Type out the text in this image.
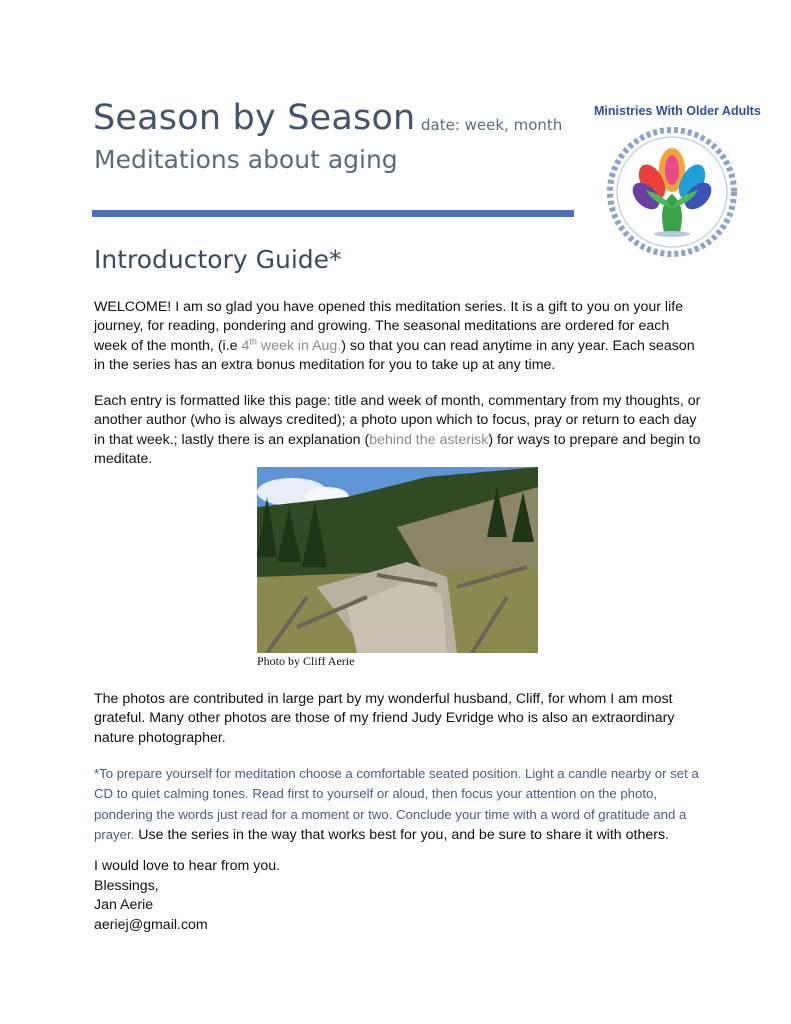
Season by Season date: week, month
Meditations about aging
Ministries With Older Adults
Introductory Guide*
WELCOME! I am so glad you have opened this meditation series. It is a gift to you on your life journey, for reading, pondering and growing. The seasonal meditations are ordered for each week of the month, (i.e 4th week in Aug.) so that you can read anytime in any year. Each season in the series has an extra bonus meditation for you to take up at any time.
Each entry is formatted like this page: title and week of month, commentary from my thoughts, or another author (who is always credited); a photo upon which to focus, pray or return to each day in that week.; lastly there is an explanation (behind the asterisk) for ways to prepare and begin to meditate.
Photo by Cliff Aerie
The photos are contributed in large part by my wonderful husband, Cliff, for whom I am most grateful. Many other photos are those of my friend Judy Evridge who is also an extraordinary nature photographer.
*To prepare yourself for meditation choose a comfortable seated position. Light a candle nearby or set a CD to quiet calming tones. Read first to yourself or aloud, then focus your attention on the photo, pondering the words just read for a moment or two. Conclude your time with a word of gratitude and a prayer. Use the series in the way that works best for you, and be sure to share it with others.
I would love to hear from you.
Blessings,
Jan Aerie
aeriej@gmail.com
